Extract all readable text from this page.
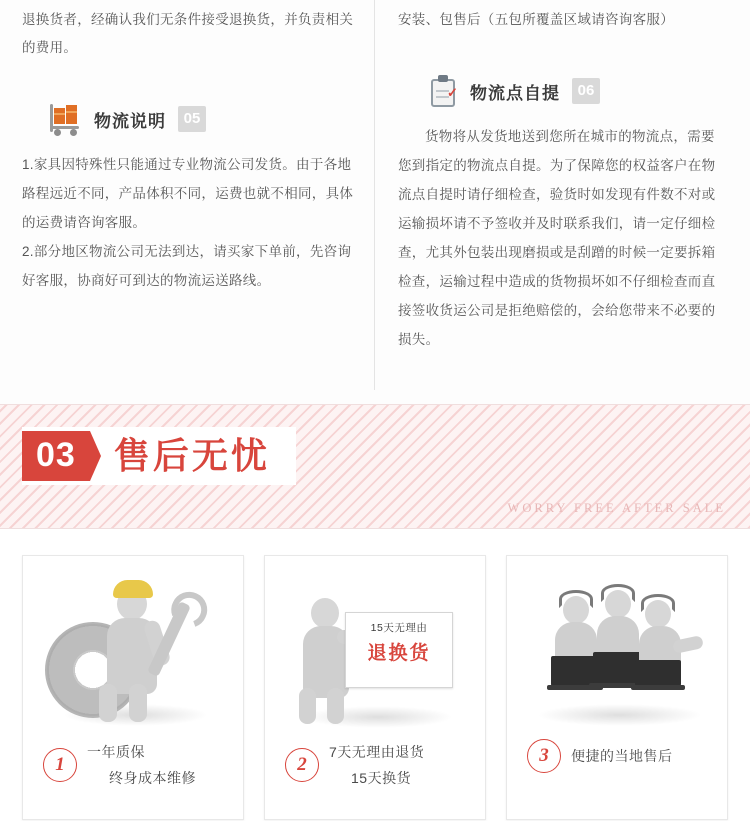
退换货者，经确认我们无条件接受退换货，并负责相关的费用。

物流说明	05

1.家具因特殊性只能通过专业物流公司发货。由于各地路程远近不同，产品体积不同，运费也就不相同，具体的运费请咨询客服。

2.部分地区物流公司无法到达，请买家下单前，先咨询好客服，协商好可到达的物流运送路线。

安装、包售后（五包所覆盖区域请咨询客服）

✓ 物流点自提	06

货物将从发货地送到您所在城市的物流点，需要您到指定的物流点自提。为了保障您的权益客户在物流点自提时请仔细检查，验货时如发现有件数不对或运输损坏请不予签收并及时联系我们，请一定仔细检查，尤其外包装出现磨损或是刮蹭的时候一定要拆箱检查，运输过程中造成的货物损坏如不仔细检查而直接签收货运公司是拒绝赔偿的，会给您带来不必要的损失。

03	售后无忧
WORRY FREE AFTER SALE
1
一年质保
终身成本维修
15天无理由
退换货
2
7天无理由退货
15天换货
3	便捷的当地售后
